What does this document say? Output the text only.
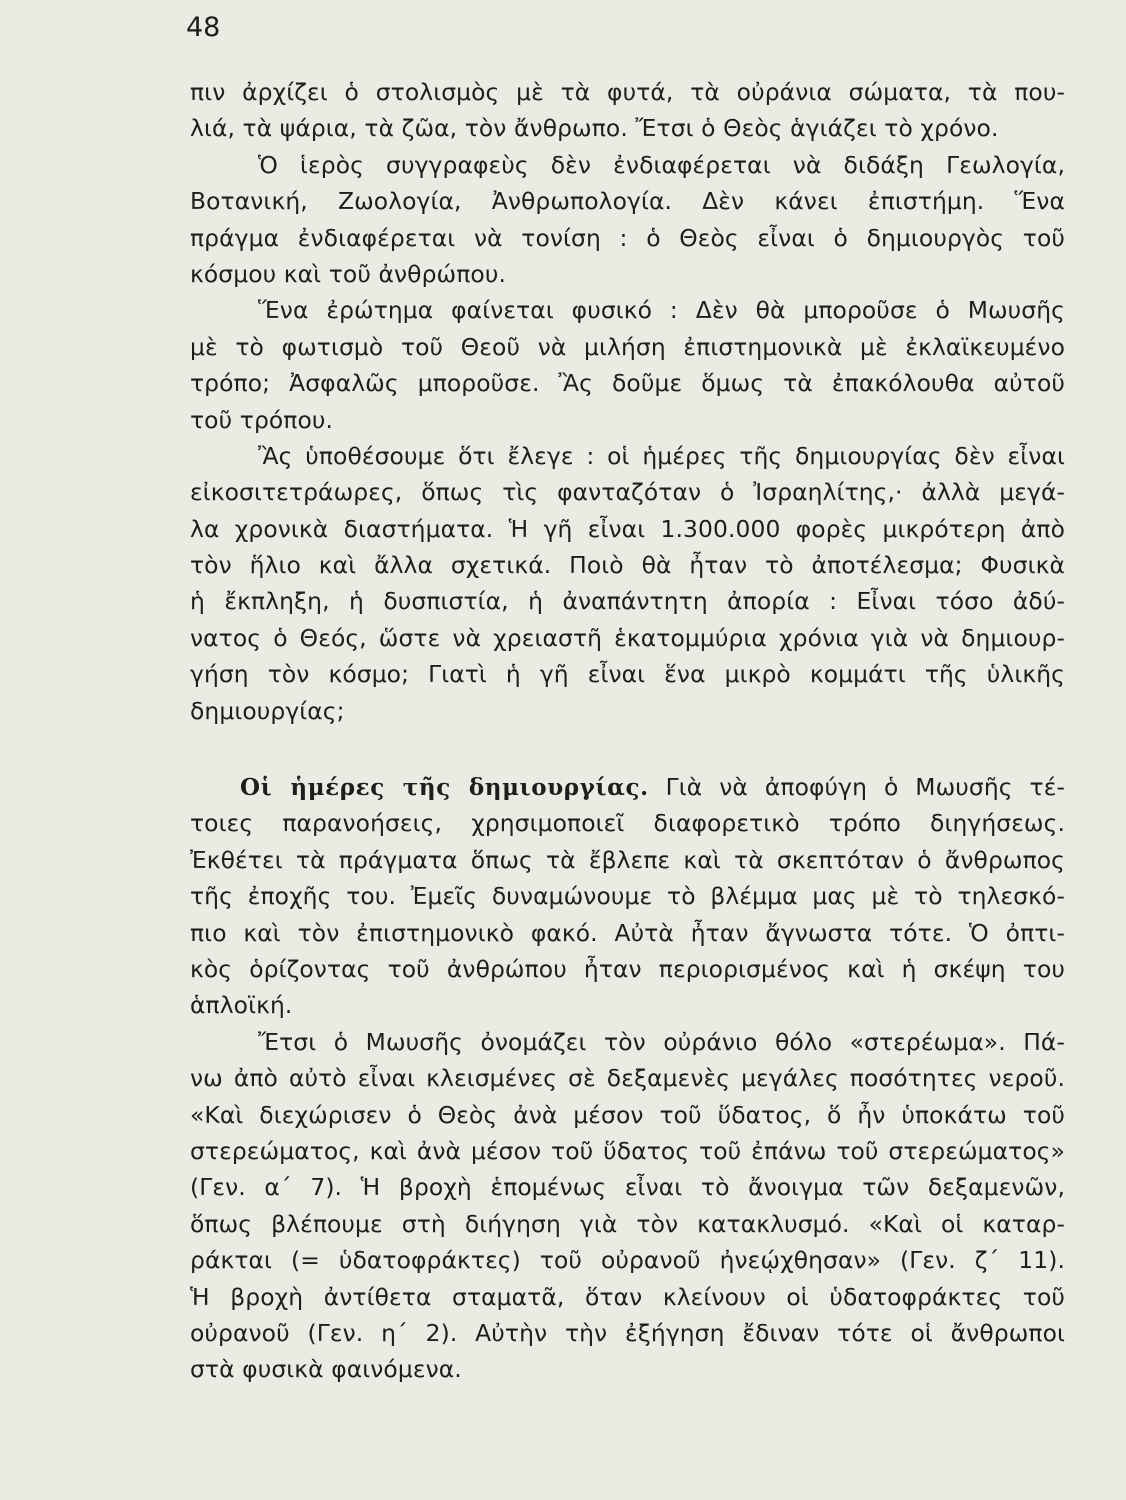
48
πιν ἀρχίζει ὁ στολισμὸς μὲ τὰ φυτά, τὰ οὐράνια σώματα, τὰ που-
λιά, τὰ ψάρια, τὰ ζῶα, τὸν ἄνθρωπο. Ἔτσι ὁ Θεὸς ἁγιάζει τὸ χρόνο.
Ὁ ἱερὸς συγγραφεὺς δὲν ἐνδιαφέρεται νὰ διδάξη Γεωλογία,
Βοτανική, Ζωολογία, Ἀνθρωπολογία. Δὲν κάνει ἐπιστήμη. Ἕνα
πράγμα ἐνδιαφέρεται νὰ τονίση : ὁ Θεὸς εἶναι ὁ δημιουργὸς τοῦ
κόσμου καὶ τοῦ ἀνθρώπου.
Ἕνα ἐρώτημα φαίνεται φυσικό : Δὲν θὰ μποροῦσε ὁ Μωυσῆς
μὲ τὸ φωτισμὸ τοῦ Θεοῦ νὰ μιλήση ἐπιστημονικὰ μὲ ἐκλαϊκευμένο
τρόπο; Ἀσφαλῶς μποροῦσε. Ἂς δοῦμε ὅμως τὰ ἐπακόλουθα αὐτοῦ
τοῦ τρόπου.
Ἂς ὑποθέσουμε ὅτι ἔλεγε : οἱ ἡμέρες τῆς δημιουργίας δὲν εἶναι
εἰκοσιτετράωρες, ὅπως τὶς φανταζόταν ὁ Ἰσραηλίτης,· ἀλλὰ μεγά-
λα χρονικὰ διαστήματα. Ἡ γῆ εἶναι 1.300.000 φορὲς μικρότερη ἀπὸ
τὸν ἥλιο καὶ ἄλλα σχετικά. Ποιὸ θὰ ἦταν τὸ ἀποτέλεσμα; Φυσικὰ
ἡ ἔκπληξη, ἡ δυσπιστία, ἡ ἀναπάντητη ἀπορία : Εἶναι τόσο ἀδύ-
νατος ὁ Θεός, ὥστε νὰ χρειαστῆ ἑκατομμύρια χρόνια γιὰ νὰ δημιουρ-
γήση τὸν κόσμο; Γιατὶ ἡ γῆ εἶναι ἕνα μικρὸ κομμάτι τῆς ὑλικῆς
δημιουργίας;
Οἱ ἡμέρες τῆς δημιουργίας. Γιὰ νὰ ἀποφύγη ὁ Μωυσῆς τέ-
τοιες παρανοήσεις, χρησιμοποιεῖ διαφορετικὸ τρόπο διηγήσεως.
Ἐκθέτει τὰ πράγματα ὅπως τὰ ἔβλεπε καὶ τὰ σκεπτόταν ὁ ἄνθρωπος
τῆς ἐποχῆς του. Ἐμεῖς δυναμώνουμε τὸ βλέμμα μας μὲ τὸ τηλεσκό-
πιο καὶ τὸν ἐπιστημονικὸ φακό. Αὐτὰ ἦταν ἄγνωστα τότε. Ὁ ὀπτι-
κὸς ὁρίζοντας τοῦ ἀνθρώπου ἦταν περιορισμένος καὶ ἡ σκέψη του
ἁπλοϊκή.
Ἔτσι ὁ Μωυσῆς ὀνομάζει τὸν οὐράνιο θόλο «στερέωμα». Πά-
νω ἀπὸ αὐτὸ εἶναι κλεισμένες σὲ δεξαμενὲς μεγάλες ποσότητες νεροῦ.
«Καὶ διεχώρισεν ὁ Θεὸς ἀνὰ μέσον τοῦ ὕδατος, ὅ ἦν ὑποκάτω τοῦ
στερεώματος, καὶ ἀνὰ μέσον τοῦ ὕδατος τοῦ ἐπάνω τοῦ στερεώματος»
(Γεν. α´ 7). Ἡ βροχὴ ἑπομένως εἶναι τὸ ἄνοιγμα τῶν δεξαμενῶν,
ὅπως βλέπουμε στὴ διήγηση γιὰ τὸν κατακλυσμό. «Καὶ οἱ καταρ-
ράκται (= ὑδατοφράκτες) τοῦ οὐρανοῦ ἠνεῴχθησαν» (Γεν. ζ´ 11).
Ἡ βροχὴ ἀντίθετα σταματᾶ, ὅταν κλείνουν οἱ ὑδατοφράκτες τοῦ
οὐρανοῦ (Γεν. η´ 2). Αὐτὴν τὴν ἐξήγηση ἔδιναν τότε οἱ ἄνθρωποι
στὰ φυσικὰ φαινόμενα.
